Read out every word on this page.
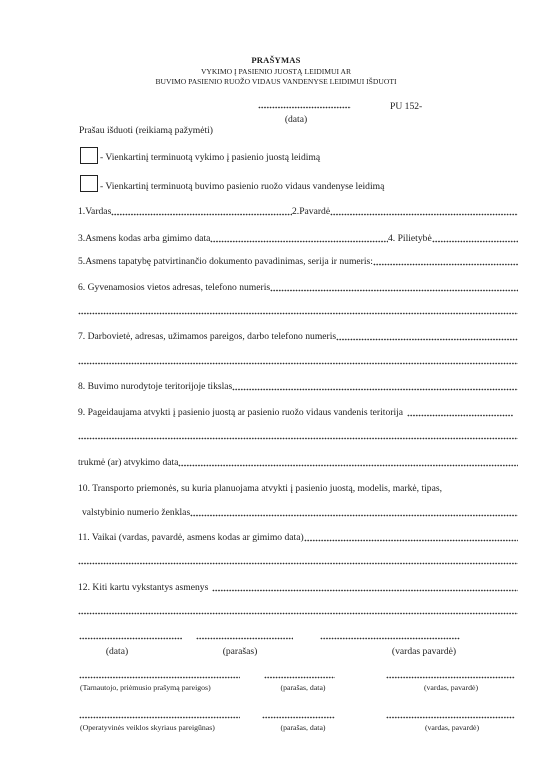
PRAŠYMAS
VYKIMO Į PASIENIO JUOSTĄ LEIDIMUI AR
BUVIMO PASIENIO RUOŽO VIDAUS VANDENYSE LEIDIMUI IŠDUOTI
PU 152-
(data)
Prašau išduoti (reikiamą pažymėti)
- Vienkartinį terminuotą vykimo į pasienio juostą leidimą
- Vienkartinį terminuotą buvimo pasienio ruožo vidaus vandenyse leidimą
1.Vardas	2.Pavardė
3.Asmens kodas arba gimimo data	4. Pilietybė
5.Asmens tapatybę patvirtinančio dokumento pavadinimas, serija ir numeris:
6. Gyvenamosios vietos adresas, telefono numeris
7. Darbovietė, adresas, užimamos pareigos, darbo telefono numeris
8. Buvimo nurodytoje teritorijoje tikslas
9. Pageidaujama atvykti į pasienio juostą ar pasienio ruožo vidaus vandenis teritorija
trukmė (ar) atvykimo data
10. Transporto priemonės, su kuria planuojama atvykti į pasienio juostą, modelis, markė, tipas,
valstybinio numerio ženklas
11. Vaikai (vardas, pavardė, asmens kodas ar gimimo data)
12. Kiti kartu vykstantys asmenys
(data)	(parašas)	(vardas pavardė)
(Tarnautojo, priėmusio prašymą pareigos)	(parašas, data)	(vardas, pavardė)
(Operatyvinės veiklos skyriaus pareigūnas)	(parašas, data)	(vardas, pavardė)
